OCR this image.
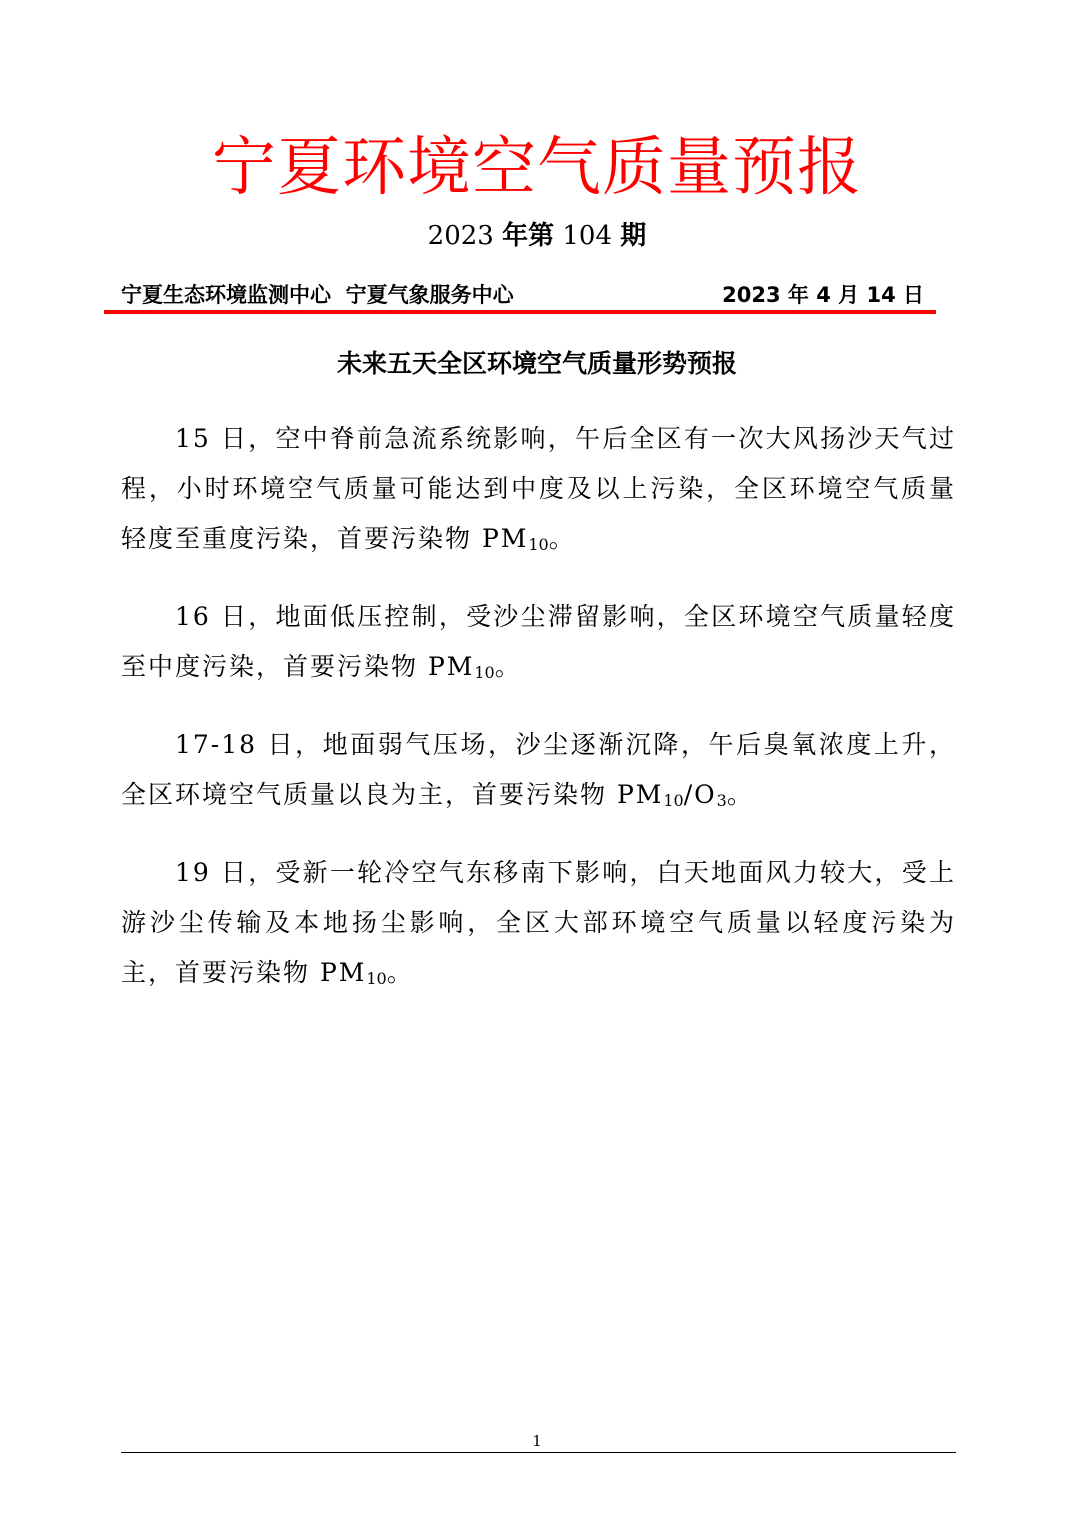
宁夏环境空气质量预报
2023 年第 104 期
宁夏生态环境监测中心  宁夏气象服务中心	2023 年 4 月 14 日
未来五天全区环境空气质量形势预报

15 日，空中脊前急流系统影响，午后全区有一次大风扬沙天气过程，小时环境空气质量可能达到中度及以上污染，全区环境空气质量轻度至重度污染，首要污染物 $PM_{10}$。

16 日，地面低压控制，受沙尘滞留影响，全区环境空气质量轻度至中度污染，首要污染物 $PM_{10}$。

17-18 日，地面弱气压场，沙尘逐渐沉降，午后臭氧浓度上升，全区环境空气质量以良为主，首要污染物 $PM_{10}/O_3$。

19 日，受新一轮冷空气东移南下影响，白天地面风力较大，受上游沙尘传输及本地扬尘影响，全区大部环境空气质量以轻度污染为主，首要污染物 $PM_{10}$。

1
